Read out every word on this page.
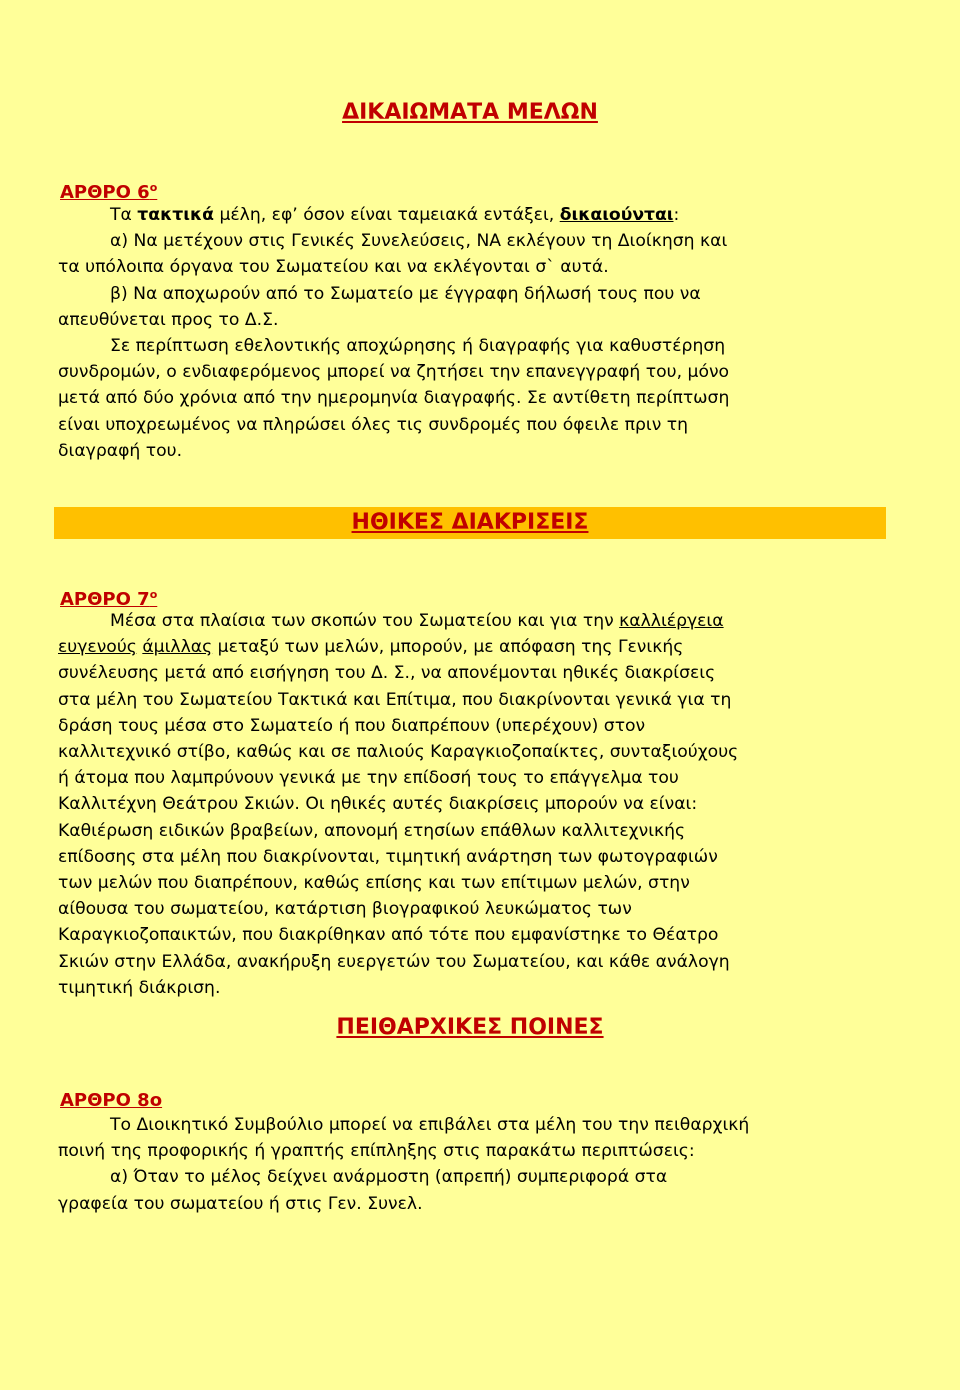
ΔΙΚΑΙΩΜΑΤΑ ΜΕΛΩΝ
ΑΡΘΡΟ $6^o$
Τα τακτικά μέλη, εφ’ όσον είναι ταμειακά εντάξει, δικαιούνται:
α) Να μετέχουν στις Γενικές Συνελεύσεις, ΝΑ εκλέγουν τη Διοίκηση και
τα υπόλοιπα όργανα του Σωματείου και να εκλέγονται σ` αυτά.
β) Να αποχωρούν από το Σωματείο με έγγραφη δήλωσή τους που να
απευθύνεται προς το Δ.Σ.
Σε περίπτωση εθελοντικής αποχώρησης ή διαγραφής για καθυστέρηση
συνδρομών, ο ενδιαφερόμενος μπορεί να ζητήσει την επανεγγραφή του, μόνο
μετά από δύο χρόνια από την ημερομηνία διαγραφής. Σε αντίθετη περίπτωση
είναι υποχρεωμένος να πληρώσει όλες τις συνδρομές που όφειλε πριν τη
διαγραφή του.
ΗΘΙΚΕΣ ΔΙΑΚΡΙΣΕΙΣ
ΑΡΘΡΟ $7^o$
Μέσα στα πλαίσια των σκοπών του Σωματείου και για την καλλιέργεια
ευγενούς άμιλλας μεταξύ των μελών, μπορούν, με απόφαση της Γενικής
συνέλευσης μετά από εισήγηση του Δ. Σ., να απονέμονται ηθικές διακρίσεις
στα μέλη του Σωματείου Τακτικά και Επίτιμα, που διακρίνονται γενικά για τη
δράση τους μέσα στο Σωματείο ή που διαπρέπουν (υπερέχουν) στον
καλλιτεχνικό στίβο, καθώς και σε παλιούς Καραγκιοζοπαίκτες, συνταξιούχους
ή άτομα που λαμπρύνουν γενικά με την επίδοσή τους το επάγγελμα του
Καλλιτέχνη Θεάτρου Σκιών. Οι ηθικές αυτές διακρίσεις μπορούν να είναι:
Καθιέρωση ειδικών βραβείων, απονομή ετησίων επάθλων καλλιτεχνικής
επίδοσης στα μέλη που διακρίνονται, τιμητική ανάρτηση των φωτογραφιών
των μελών που διαπρέπουν, καθώς επίσης και των επίτιμων μελών, στην
αίθουσα του σωματείου, κατάρτιση βιογραφικού λευκώματος των
Καραγκιοζοπαικτών, που διακρίθηκαν από τότε που εμφανίστηκε το Θέατρο
Σκιών στην Ελλάδα, ανακήρυξη ευεργετών του Σωματείου, και κάθε ανάλογη
τιμητική διάκριση.
ΠΕΙΘΑΡΧΙΚΕΣ ΠΟΙΝΕΣ
ΑΡΘΡΟ 8ο
Το Διοικητικό Συμβούλιο μπορεί να επιβάλει στα μέλη του την πειθαρχική
ποινή της προφορικής ή γραπτής επίπληξης στις παρακάτω περιπτώσεις:
α) Όταν το μέλος δείχνει ανάρμοστη (απρεπή) συμπεριφορά στα
γραφεία του σωματείου ή στις Γεν. Συνελ.
